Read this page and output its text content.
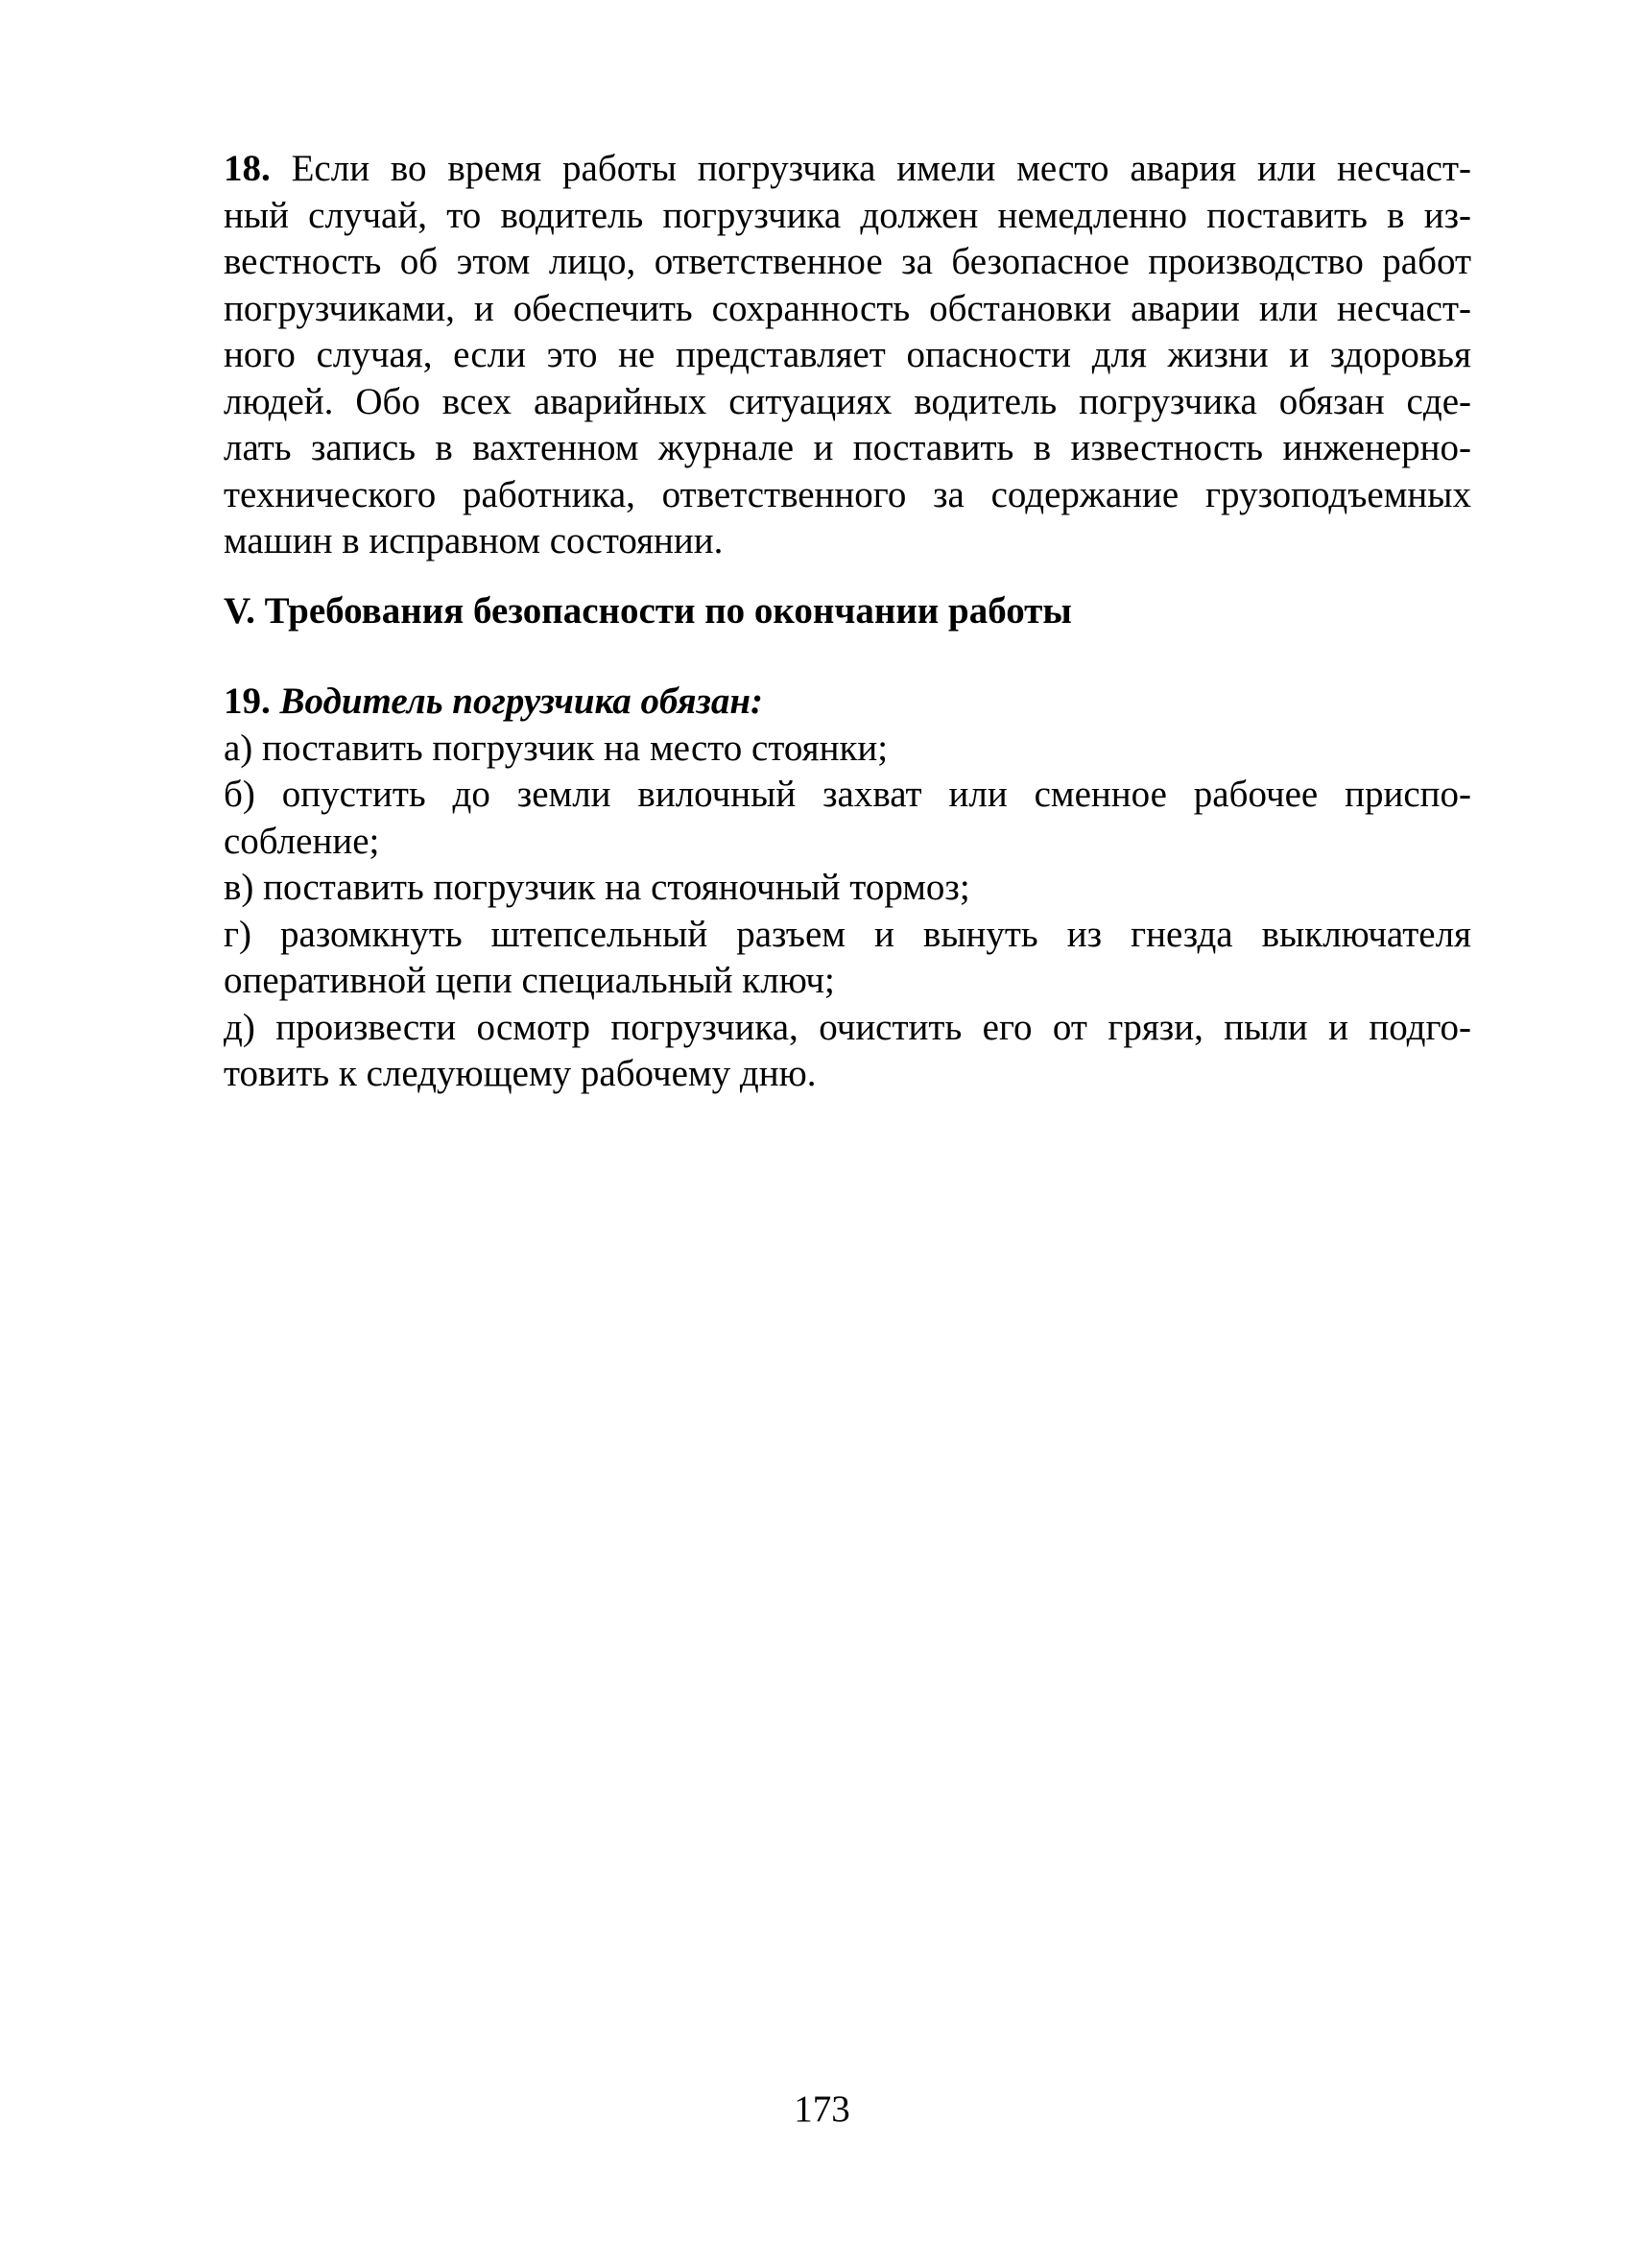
18. Если во время работы погрузчика имели место авария или несчаст-
ный случай, то водитель погрузчика должен немедленно поставить в из-
вестность об этом лицо, ответственное за безопасное производство работ
погрузчиками, и обеспечить сохранность обстановки аварии или несчаст-
ного случая, если это не представляет опасности для жизни и здоровья
людей. Обо всех аварийных ситуациях водитель погрузчика обязан сде-
лать запись в вахтенном журнале и поставить в известность инженерно-
технического работника, ответственного за содержание грузоподъемных
машин в исправном состоянии.
V. Требования безопасности по окончании работы
19. Водитель погрузчика обязан:
а) поставить погрузчик на место стоянки;
б) опустить до земли вилочный захват или сменное рабочее приспо-
собление;
в) поставить погрузчик на стояночный тормоз;
г) разомкнуть штепсельный разъем и вынуть из гнезда выключателя
оперативной цепи специальный ключ;
д) произвести осмотр погрузчика, очистить его от грязи, пыли и подго-
товить к следующему рабочему дню.
173
